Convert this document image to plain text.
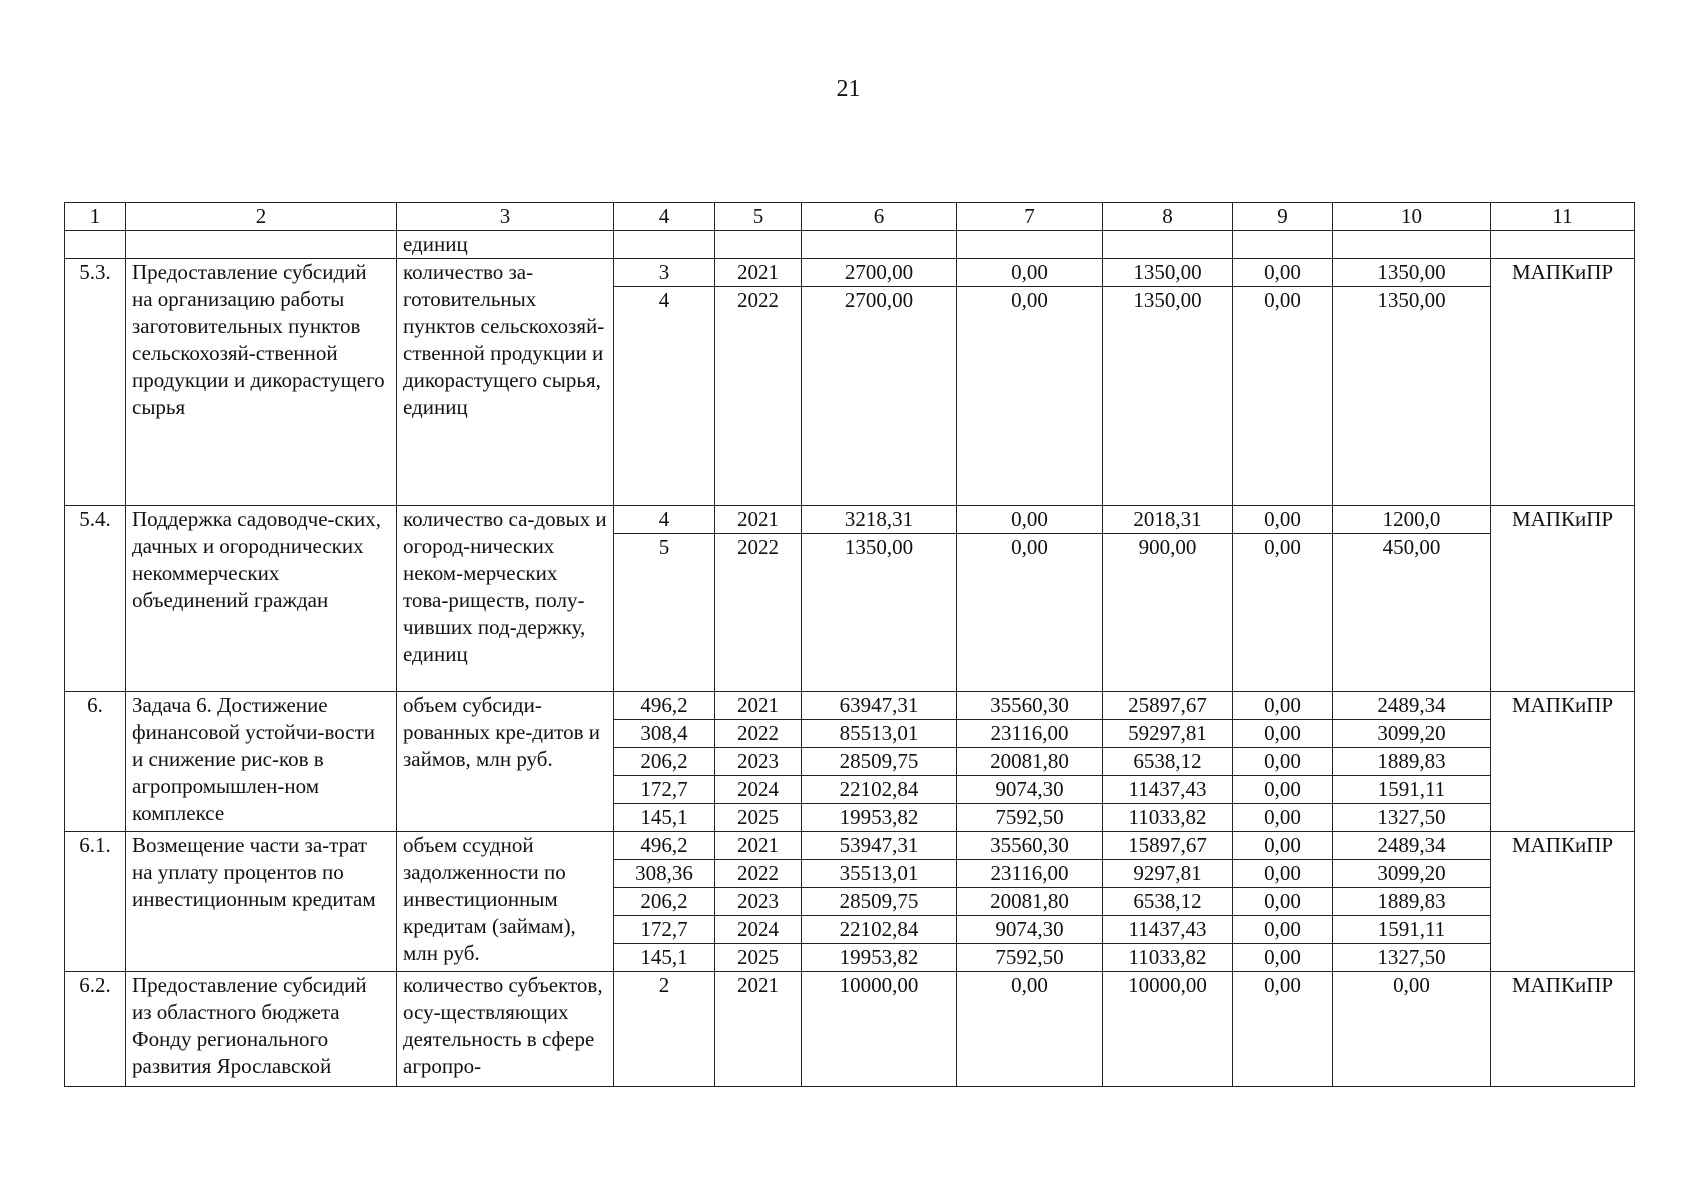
21
1	2	3	4	5	6	7	8	9	10	11
		единиц								
5.3.	Предоставление субсидий на организацию работы заготовительных пунктов сельскохозяй-ственной продукции и дикорастущего сырья	количество за-готовительных пунктов сельскохозяй-ственной продукции и дикорастущего сырья, единиц	3	2021	2700,00	0,00	1350,00	0,00	1350,00	МАПКиПР
			4	2022	2700,00	0,00	1350,00	0,00	1350,00	
5.4.	Поддержка садоводче-ских, дачных и огороднических некоммерческих объединений граждан	количество са-довых и огород-нических неком-мерческих това-риществ, полу-чивших под-держку, единиц	4	2021	3218,31	0,00	2018,31	0,00	1200,0	МАПКиПР
			5	2022	1350,00	0,00	900,00	0,00	450,00	
6.	Задача 6. Достижение финансовой устойчи-вости и снижение рис-ков в агропромышлен-ном комплексе	объем субсиди-рованных кре-дитов и займов, млн руб.	496,2	2021	63947,31	35560,30	25897,67	0,00	2489,34	МАПКиПР
			308,4	2022	85513,01	23116,00	59297,81	0,00	3099,20	
			206,2	2023	28509,75	20081,80	6538,12	0,00	1889,83	
			172,7	2024	22102,84	9074,30	11437,43	0,00	1591,11	
			145,1	2025	19953,82	7592,50	11033,82	0,00	1327,50	
6.1.	Возмещение части за-трат на уплату процентов по инвестиционным кредитам	объем ссудной задолженности по инвестиционным кредитам (займам), млн руб.	496,2	2021	53947,31	35560,30	15897,67	0,00	2489,34	МАПКиПР
			308,36	2022	35513,01	23116,00	9297,81	0,00	3099,20	
			206,2	2023	28509,75	20081,80	6538,12	0,00	1889,83	
			172,7	2024	22102,84	9074,30	11437,43	0,00	1591,11	
			145,1	2025	19953,82	7592,50	11033,82	0,00	1327,50	
6.2.	Предоставление субсидий из областного бюджета Фонду регионального развития Ярославской	количество субъектов, осу-ществляющих деятельность в сфере агропро-	2	2021	10000,00	0,00	10000,00	0,00	0,00	МАПКиПР
